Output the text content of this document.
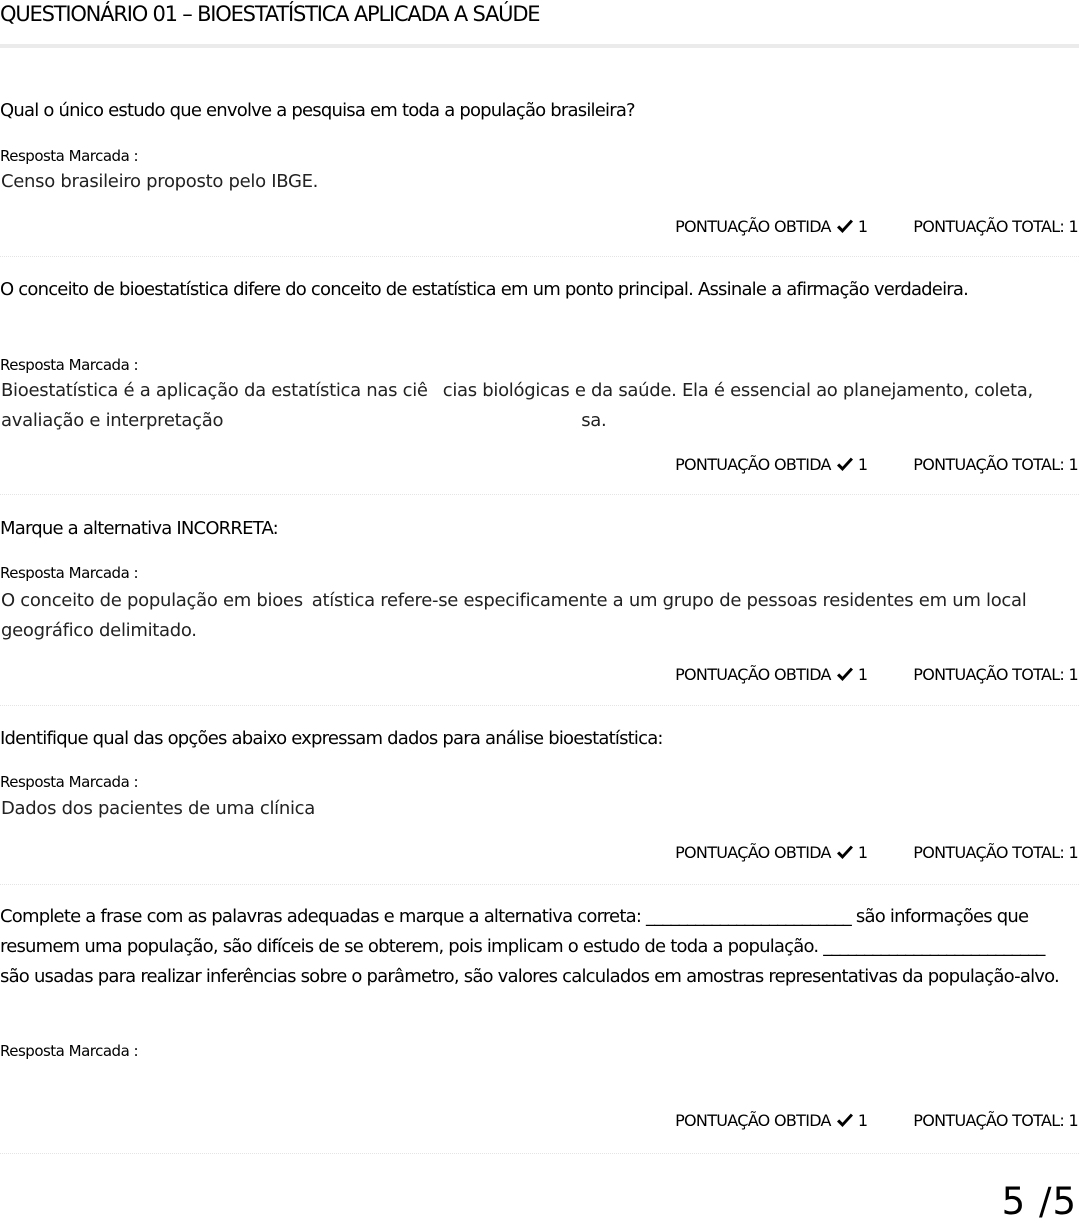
QUESTIONÁRIO 01 – BIOESTATÍSTICA APLICADA A SAÚDE
Qual o único estudo que envolve a pesquisa em toda a população brasileira?
Resposta Marcada :
Censo brasileiro proposto pelo IBGE.
PONTUAÇÃO OBTIDA 1	PONTUAÇÃO TOTAL: 1
O conceito de bioestatística difere do conceito de estatística em um ponto principal. Assinale a afirmação verdadeira.
Resposta Marcada :
Bioestatística é a aplicação da estatística nas ciê cias biológicas e da saúde. Ela é essencial ao planejamento, coleta, avaliação e interpretação	sa.
PONTUAÇÃO OBTIDA 1	PONTUAÇÃO TOTAL: 1
Marque a alternativa INCORRETA:
Resposta Marcada :
O conceito de população em bioes atística refere-se especificamente a um grupo de pessoas residentes em um local geográfico delimitado.
PONTUAÇÃO OBTIDA 1	PONTUAÇÃO TOTAL: 1
Identifique qual das opções abaixo expressam dados para análise bioestatística:
Resposta Marcada :
Dados dos pacientes de uma clínica
PONTUAÇÃO OBTIDA 1	PONTUAÇÃO TOTAL: 1
Complete a frase com as palavras adequadas e marque a alternativa correta: _________________________ são informações que resumem uma população, são difíceis de se obterem, pois implicam o estudo de toda a população. ___________________________ são usadas para realizar inferências sobre o parâmetro, são valores calculados em amostras representativas da população-alvo.
Resposta Marcada :
PONTUAÇÃO OBTIDA 1	PONTUAÇÃO TOTAL: 1
5 /5
